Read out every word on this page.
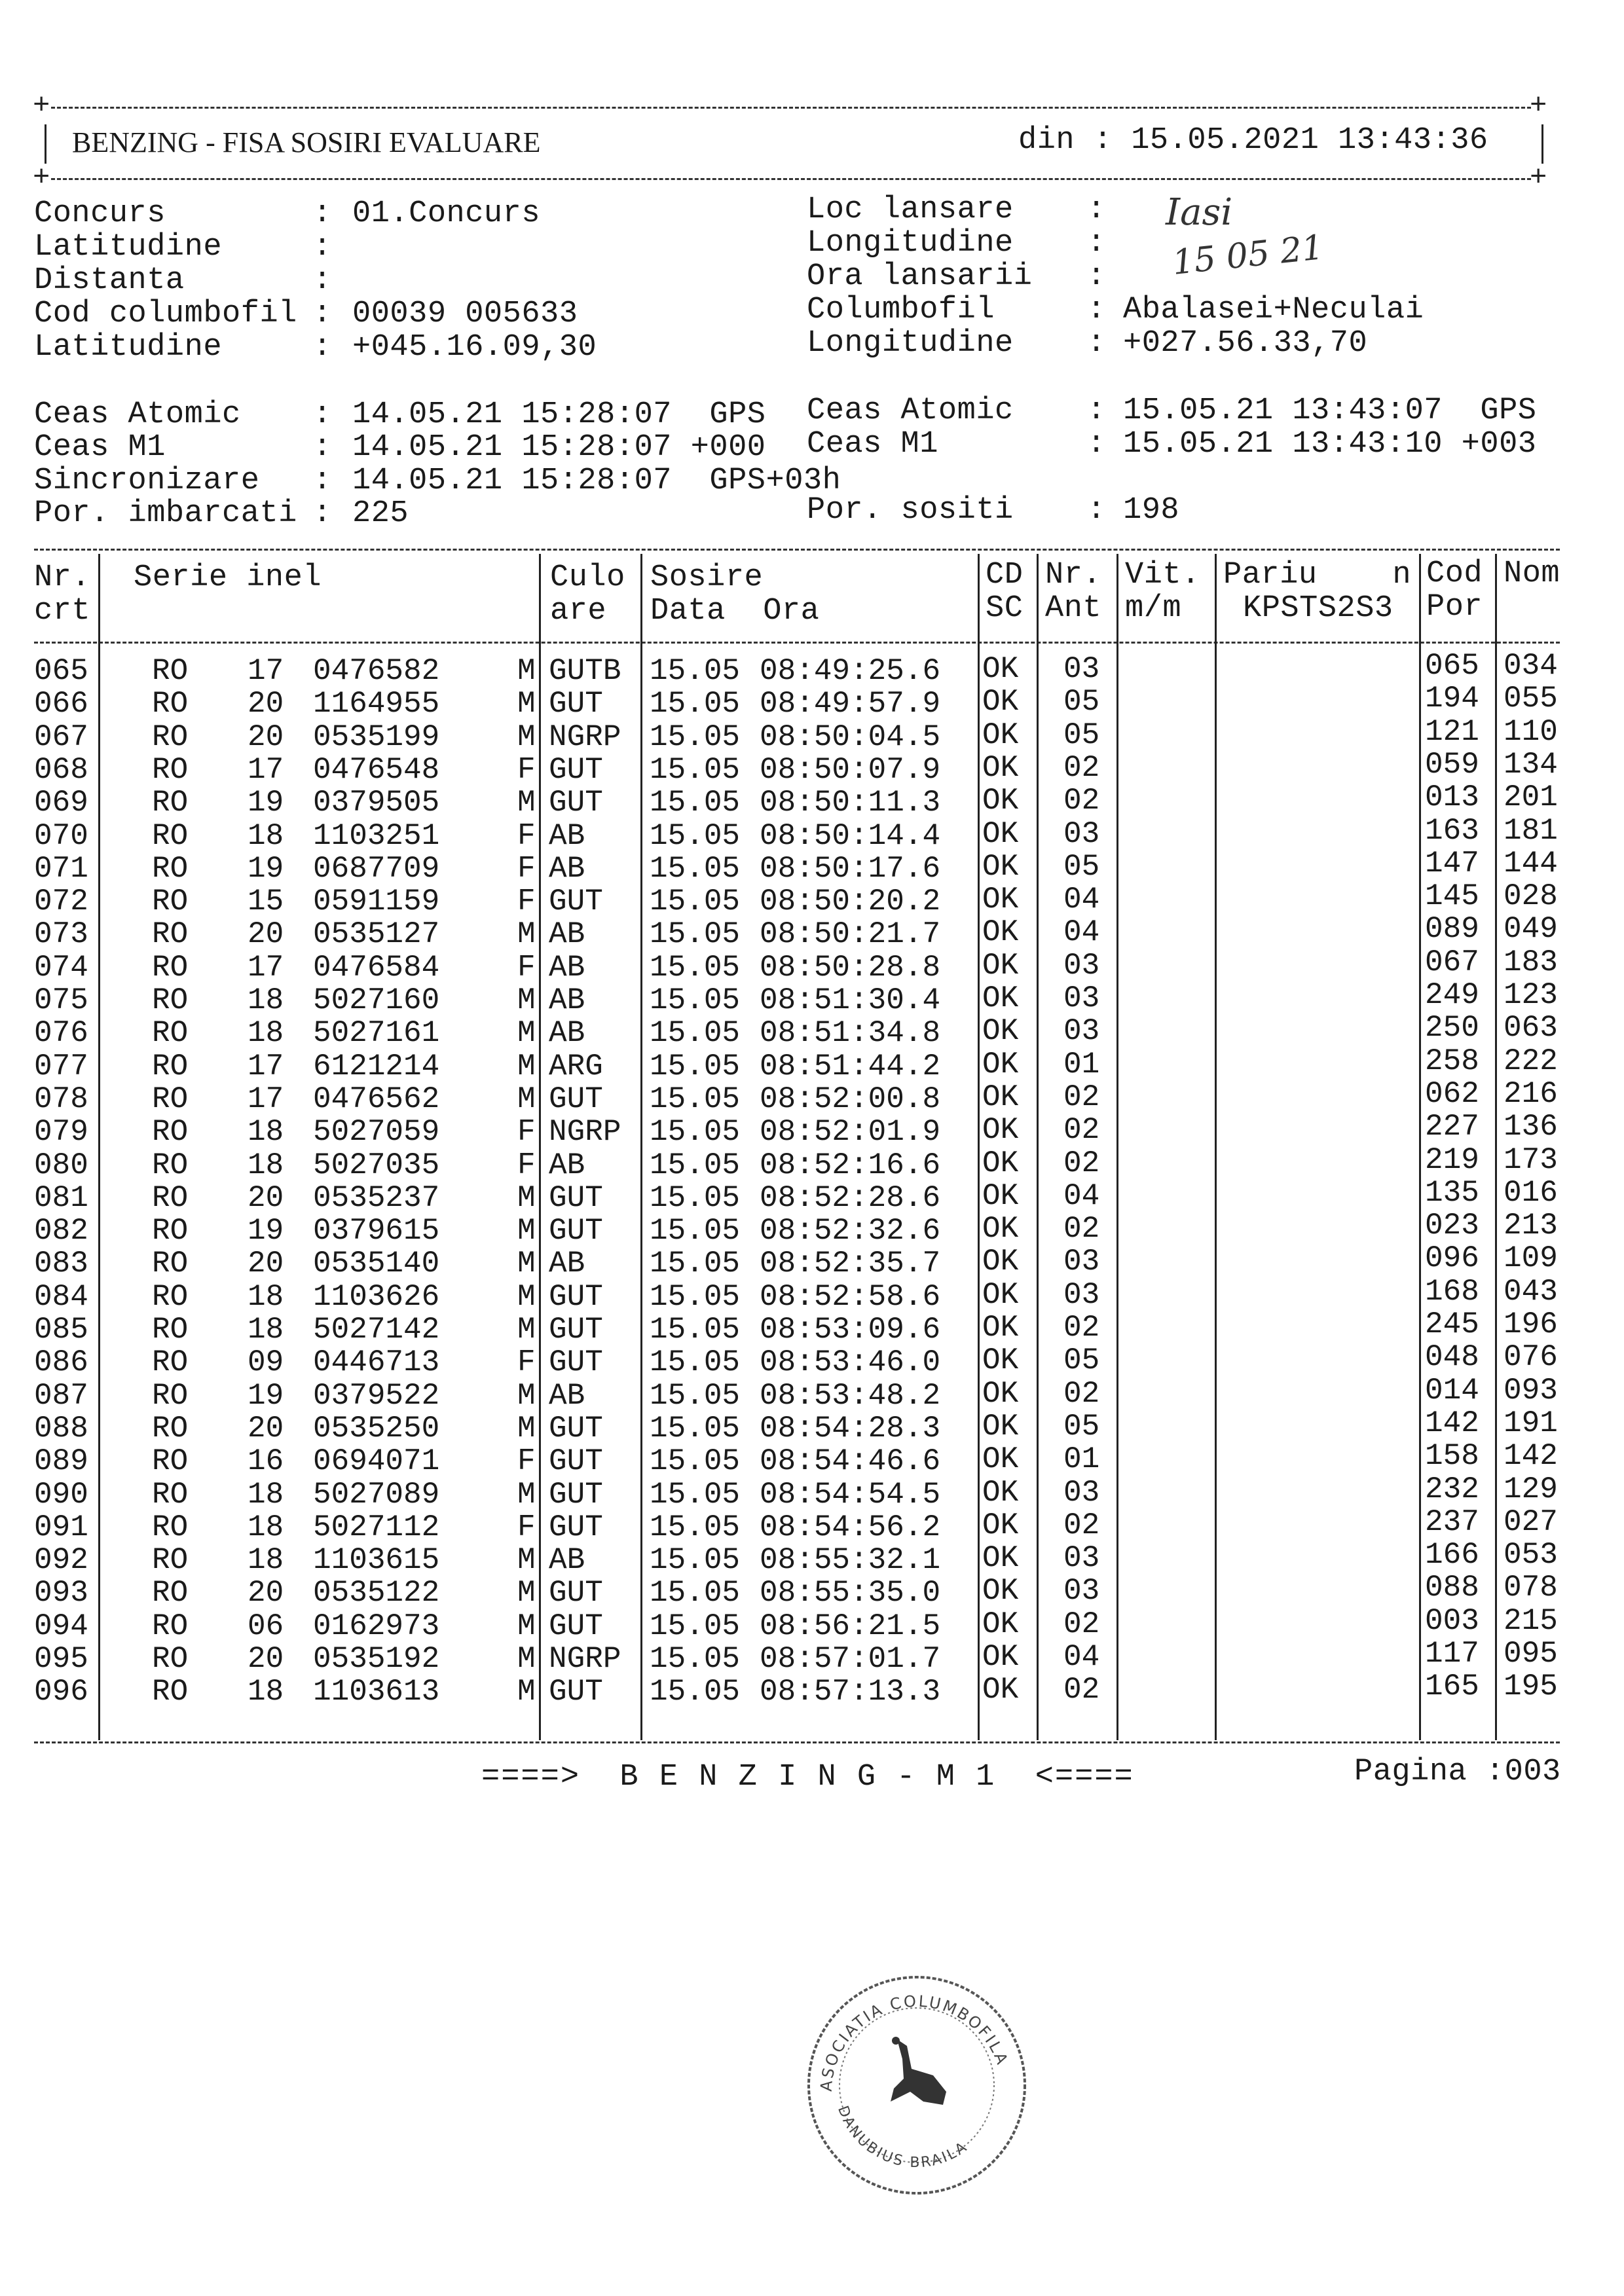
+	+
BENZING - FISA SOSIRI EVALUARE	din : 15.05.2021 13:43:36
+	+
Concurs	: 01.Concurs
Latitudine	:
Distanta	:
Cod columbofil : 00039 005633
Latitudine	: +045.16.09,30
Loc lansare :
Longitudine :
Ora lansarii :
Columbofil	: Abalasei+Neculai
Longitudine : +027.56.33,70
Iasi
15 05 21
Ceas Atomic : 14.05.21 15:28:07  GPS
Ceas M1	: 14.05.21 15:28:07 +000
Sincronizare : 14.05.21 15:28:07  GPS+03h
Por. imbarcati : 225
Ceas Atomic : 15.05.21 13:43:07  GPS
Ceas M1	: 15.05.21 13:43:10 +003
Por. sositi : 198
Nr. Serie inel	Culo Sosire	CD Nr. Vit. Pariu    n Cod Nom
crt	are Data  Ora	SC Ant m/m KPSTS2S3 Por
065 RO 17 0476582	M GUTB 15.05 08:49:25.6 OK 03	065 034
066 RO 20 1164955	M GUT 15.05 08:49:57.9 OK 05	194 055
067 RO 20 0535199	M NGRP 15.05 08:50:04.5 OK 05	121 110
068 RO 17 0476548	F GUT 15.05 08:50:07.9 OK 02	059 134
069 RO 19 0379505	M GUT 15.05 08:50:11.3 OK 02	013 201
070 RO 18 1103251	F AB 15.05 08:50:14.4 OK 03	163 181
071 RO 19 0687709	F AB 15.05 08:50:17.6 OK 05	147 144
072 RO 15 0591159	F GUT 15.05 08:50:20.2 OK 04	145 028
073 RO 20 0535127	M AB 15.05 08:50:21.7 OK 04	089 049
074 RO 17 0476584	F AB 15.05 08:50:28.8 OK 03	067 183
075 RO 18 5027160	M AB 15.05 08:51:30.4 OK 03	249 123
076 RO 18 5027161	M AB 15.05 08:51:34.8 OK 03	250 063
077 RO 17 6121214	M ARG 15.05 08:51:44.2 OK 01	258 222
078 RO 17 0476562	M GUT 15.05 08:52:00.8 OK 02	062 216
079 RO 18 5027059	F NGRP 15.05 08:52:01.9 OK 02	227 136
080 RO 18 5027035	F AB 15.05 08:52:16.6 OK 02	219 173
081 RO 20 0535237	M GUT 15.05 08:52:28.6 OK 04	135 016
082 RO 19 0379615	M GUT 15.05 08:52:32.6 OK 02	023 213
083 RO 20 0535140	M AB 15.05 08:52:35.7 OK 03	096 109
084 RO 18 1103626	M GUT 15.05 08:52:58.6 OK 03	168 043
085 RO 18 5027142	M GUT 15.05 08:53:09.6 OK 02	245 196
086 RO 09 0446713	F GUT 15.05 08:53:46.0 OK 05	048 076
087 RO 19 0379522	M AB 15.05 08:53:48.2 OK 02	014 093
088 RO 20 0535250	M GUT 15.05 08:54:28.3 OK 05	142 191
089 RO 16 0694071	F GUT 15.05 08:54:46.6 OK 01	158 142
090 RO 18 5027089	M GUT 15.05 08:54:54.5 OK 03	232 129
091 RO 18 5027112	F GUT 15.05 08:54:56.2 OK 02	237 027
092 RO 18 1103615	M AB 15.05 08:55:32.1 OK 03	166 053
093 RO 20 0535122	M GUT 15.05 08:55:35.0 OK 03	088 078
094 RO 06 0162973	M GUT 15.05 08:56:21.5 OK 02	003 215
095 RO 20 0535192	M NGRP 15.05 08:57:01.7 OK 04	117 095
096 RO 18 1103613	M GUT 15.05 08:57:13.3 OK 02	165 195
====>  B E N Z I N G - M 1  <====	Pagina :003
ASOCIATIA COLUMBOFILA
DANUBIUS BRAILA
